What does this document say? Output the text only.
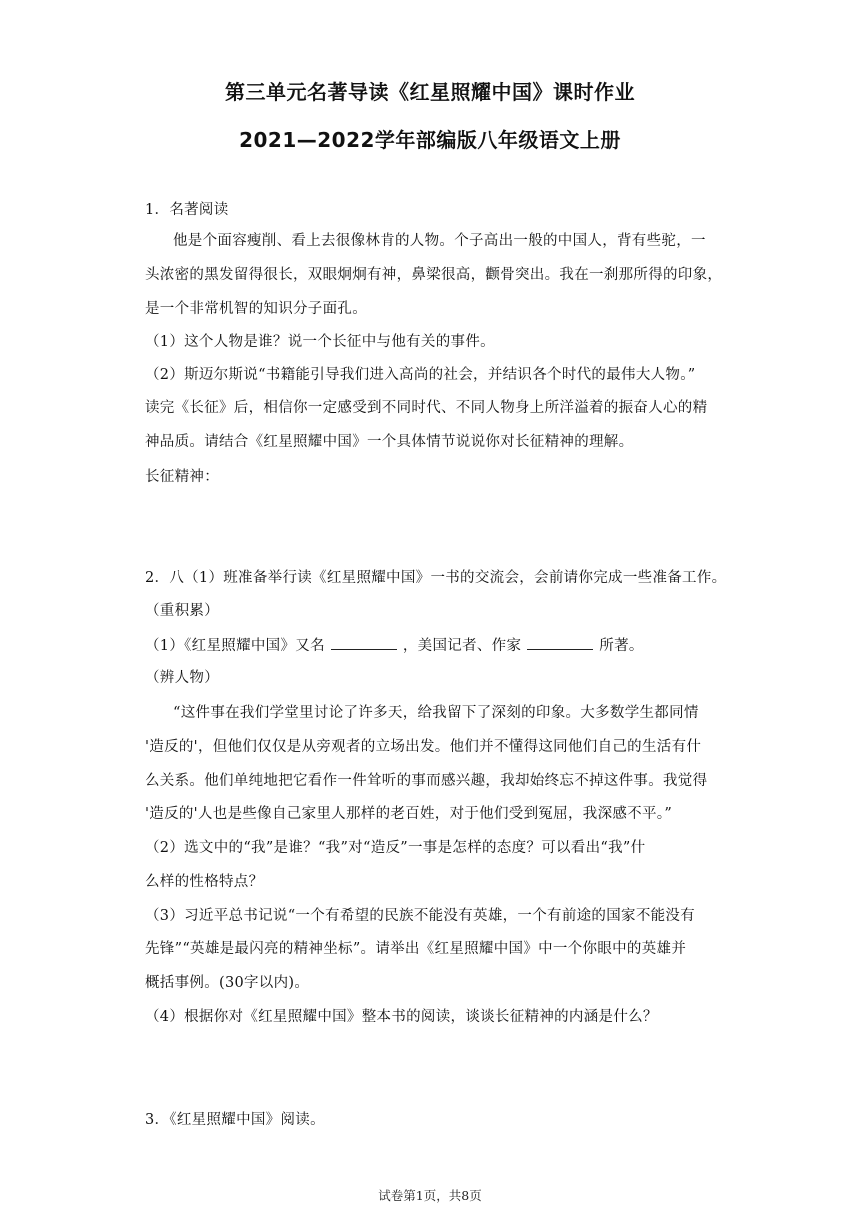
第三单元名著导读《红星照耀中国》课时作业
2021—2022学年部编版八年级语文上册
1．名著阅读
他是个面容瘦削、看上去很像林肯的人物。个子高出一般的中国人，背有些驼，一
头浓密的黑发留得很长，双眼炯炯有神，鼻梁很高，颧骨突出。我在一刹那所得的印象，
是一个非常机智的知识分子面孔。
（1）这个人物是谁？说一个长征中与他有关的事件。
（2）斯迈尔斯说“书籍能引导我们进入高尚的社会，并结识各个时代的最伟大人物。”
读完《长征》后，相信你一定感受到不同时代、不同人物身上所洋溢着的振奋人心的精
神品质。请结合《红星照耀中国》一个具体情节说说你对长征精神的理解。
长征精神：
2．八（1）班准备举行读《红星照耀中国》一书的交流会，会前请你完成一些准备工作。
（重积累）
（1）《红星照耀中国》又名	，美国记者、作家	所著。
（辨人物）
“这件事在我们学堂里讨论了许多天，给我留下了深刻的印象。大多数学生都同情
'造反的'，但他们仅仅是从旁观者的立场出发。他们并不懂得这同他们自己的生活有什
么关系。他们单纯地把它看作一件耸听的事而感兴趣，我却始终忘不掉这件事。我觉得
'造反的'人也是些像自己家里人那样的老百姓，对于他们受到冤屈，我深感不平。”
（2）选文中的“我”是谁？“我”对“造反”一事是怎样的态度？可以看出“我”什
么样的性格特点？
（3）习近平总书记说“一个有希望的民族不能没有英雄，一个有前途的国家不能没有
先锋”“英雄是最闪亮的精神坐标”。请举出《红星照耀中国》中一个你眼中的英雄并
概括事例。(30字以内)。
（4）根据你对《红星照耀中国》整本书的阅读，谈谈长征精神的内涵是什么？
3．《红星照耀中国》阅读。
试卷第1页，共8页
